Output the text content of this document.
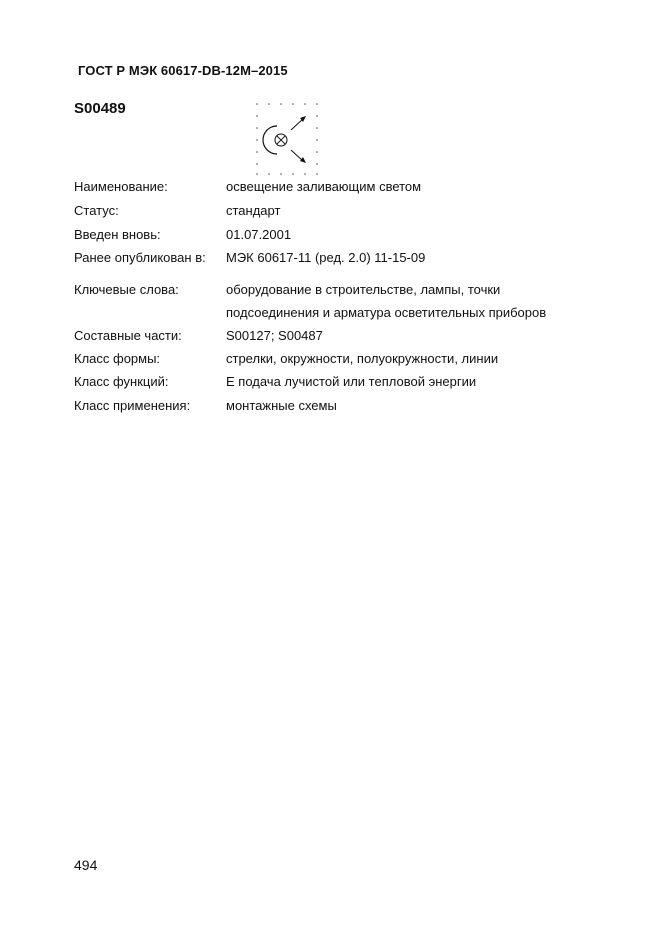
ГОСТ Р МЭК 60617-DB-12M–2015
S00489
Наименование:	освещение заливающим светом
Статус:	стандарт
Введен вновь:	01.07.2001
Ранее опубликован в: МЭК 60617-11 (ред. 2.0) 11-15-09
Ключевые слова:	оборудование в строительстве, лампы, точки
подсоединения и арматура осветительных приборов
Составные части:	S00127; S00487
Класс формы:	стрелки, окружности, полуокружности, линии
Класс функций:	Е подача лучистой или тепловой энергии
Класс применения:	монтажные схемы
494
